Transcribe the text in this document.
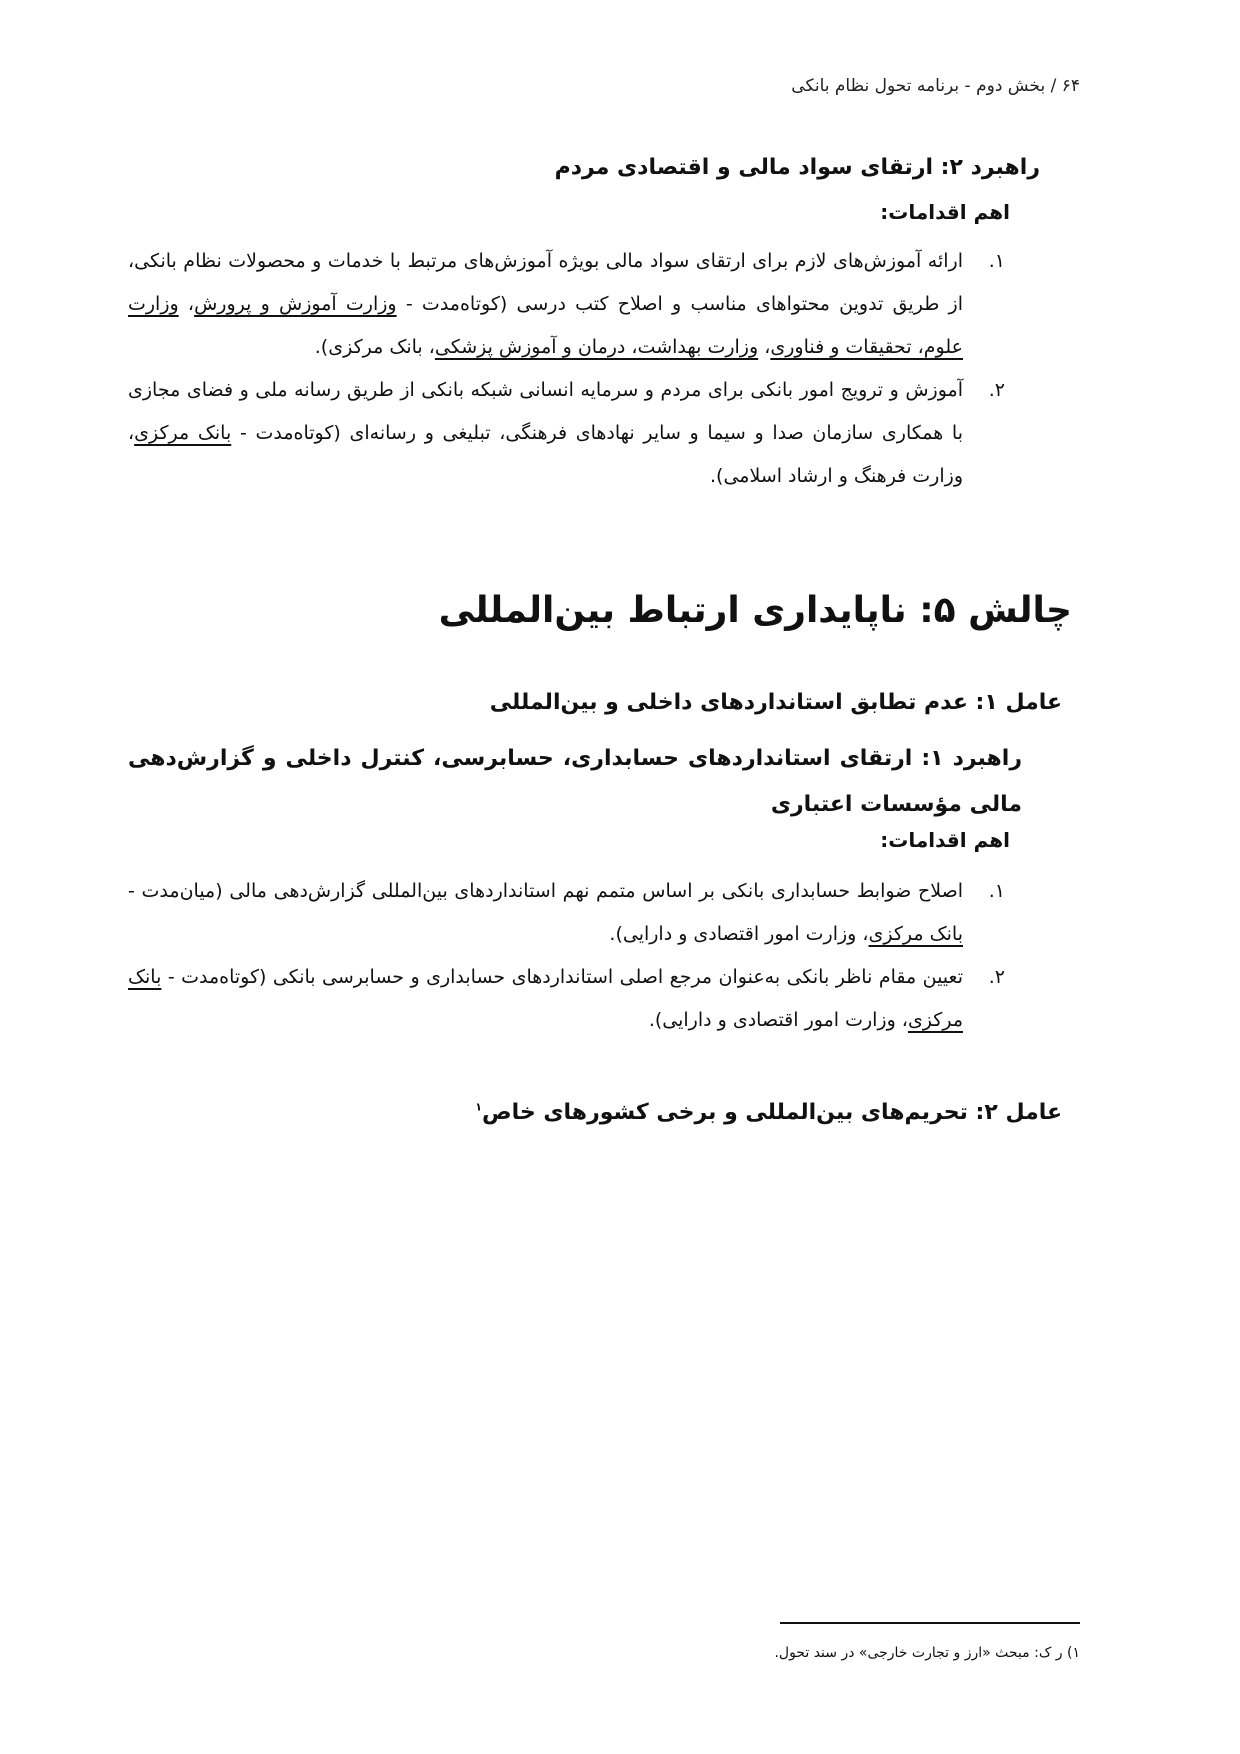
۶۴ / بخش دوم - برنامه تحول نظام بانکی
راهبرد ۲: ارتقای سواد مالی و اقتصادی مردم
اهم اقدامات:
۱.
ارائه آموزش‌های لازم برای ارتقای سواد مالی بویژه آموزش‌های مرتبط با خدمات و محصولات نظام بانکی، از طریق تدوین محتواهای مناسب و اصلاح کتب درسی (کوتاه‌مدت - وزارت آموزش و پرورش، وزارت علوم، تحقیقات و فناوری، وزارت بهداشت، درمان و آموزش پزشکی، بانک مرکزی).
۲.
آموزش و ترویج امور بانکی برای مردم و سرمایه انسانی شبکه بانکی از طریق رسانه ملی و فضای مجازی با همکاری سازمان صدا و سیما و سایر نهادهای فرهنگی، تبلیغی و رسانه‌ای (کوتاه‌مدت - بانک مرکزی، وزارت فرهنگ و ارشاد اسلامی).
چالش ۵: ناپایداری ارتباط بین‌المللی
عامل ۱: عدم تطابق استانداردهای داخلی و بین‌المللی
راهبرد ۱: ارتقای استانداردهای حسابداری، حسابرسی، کنترل داخلی و گزارش‌دهی مالی مؤسسات اعتباری
اهم اقدامات:
۱.
اصلاح ضوابط حسابداری بانکی بر اساس متمم نهم استانداردهای بین‌المللی گزارش‌دهی مالی (میان‌مدت - بانک مرکزی، وزارت امور اقتصادی و دارایی).
۲.
تعیین مقام ناظر بانکی به‌عنوان مرجع اصلی استانداردهای حسابداری و حسابرسی بانکی (کوتاه‌مدت - بانک مرکزی، وزارت امور اقتصادی و دارایی).
عامل ۲: تحریم‌های بین‌المللی و برخی کشورهای خاص$^۱$
۱) ر ک: مبحث «ارز و تجارت خارجی» در سند تحول.
